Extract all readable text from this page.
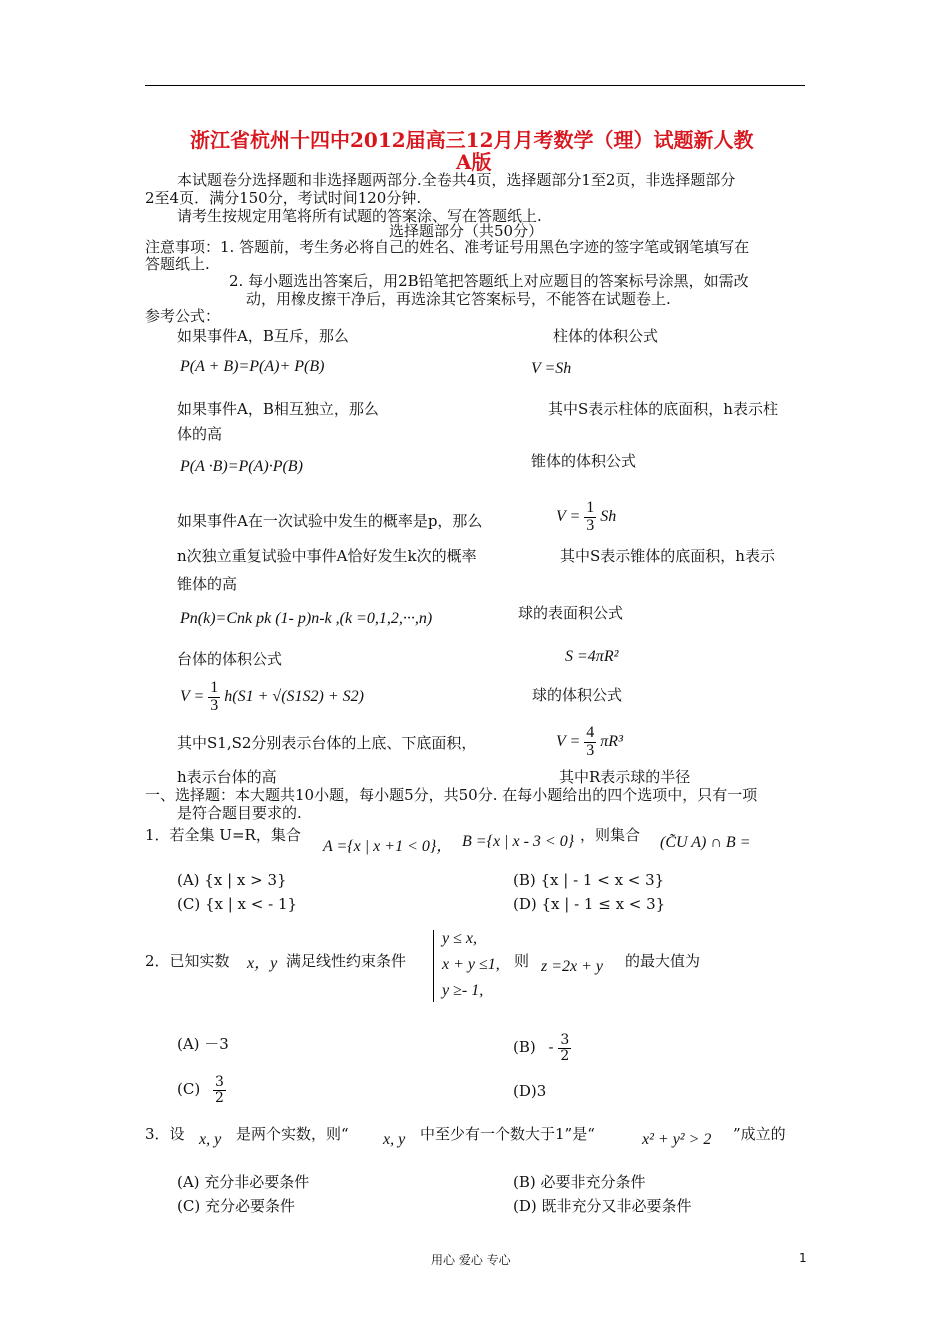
浙江省杭州十四中2012届高三12月月考数学（理）试题新人教
A版
本试题卷分选择题和非选择题两部分.全卷共4页，选择题部分1至2页，非选择题部分
2至4页．满分150分，考试时间120分钟.
请考生按规定用笔将所有试题的答案涂、写在答题纸上.
选择题部分（共50分）
注意事项：1. 答题前，考生务必将自己的姓名、准考证号用黑色字迹的签字笔或钢笔填写在
答题纸上.
2. 每小题选出答案后，用2B铅笔把答题纸上对应题目的答案标号涂黑，如需改
动，用橡皮擦干净后，再选涂其它答案标号，不能答在试题卷上.
参考公式：
如果事件A，B互斥，那么
P(A + B)=P(A)+ P(B)
如果事件A，B相互独立，那么
P(A ·B)=P(A)·P(B)
如果事件A在一次试验中发生的概率是p，那么
n次独立重复试验中事件A恰好发生k次的概率
Pn(k)=Cnk pk (1- p)n-k ,(k =0,1,2,···,n)
台体的体积公式
$V = \frac{1}{3} h(S1 + √(S1S2) + S2)$
其中S1,S2分别表示台体的上底、下底面积，
h表示台体的高
柱体的体积公式
V =Sh
其中S表示柱体的底面积，h表示柱
体的高
锥体的体积公式
$V = \frac{1}{3}$ Sh
其中S表示锥体的底面积，h表示
锥体的高
球的表面积公式
S =4πR²
球的体积公式
$V = \frac{4}{3} \pi R^3$
其中R表示球的半径
一、选择题：本大题共10小题，每小题5分，共50分. 在每小题给出的四个选项中，只有一项
是符合题目要求的.
1．若全集 U=R，集合
A ={x | x +1 < 0}， B ={x | x - 3 < 0} ，则集合 (C͂U A) ∩ B =
(A) {x | x > 3}	(B) {x | - 1 < x < 3}
(C) {x | x < - 1}	(D) {x | - 1 ≤ x < 3}
2．已知实数 x，y 满足线性约束条件
y ≤ x,
x + y ≤1,
y ≥- 1,
则 z =2x + y 的最大值为
(A) －3	$(B) - \frac{3}{2}$
$(C) \frac{3}{2}$	(D)3
3．设 x, y 是两个实数，则“ x, y 中至少有一个数大于1”是“	x² + y² > 2 ”成立的
(A) 充分非必要条件	(B) 必要非充分条件
(C) 充分必要条件	(D) 既非充分又非必要条件
用心 爱心 专心	1
